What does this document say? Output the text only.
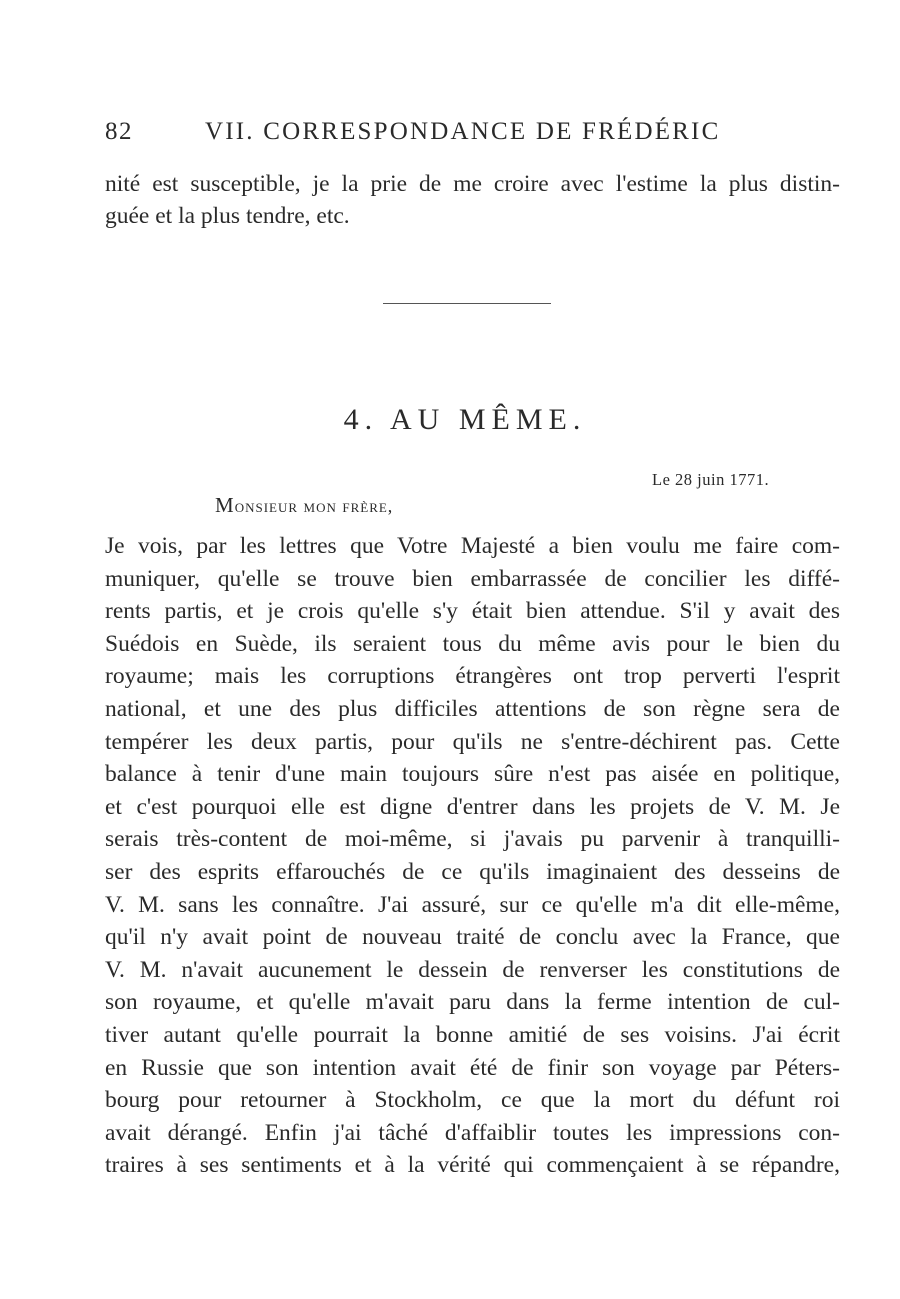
82	VII. CORRESPONDANCE DE FRÉDÉRIC
nité est susceptible, je la prie de me croire avec l'estime la plus distin-
guée et la plus tendre, etc.
4. AU MÊME.
Le 28 juin 1771.
Monsieur mon frère,
Je vois, par les lettres que Votre Majesté a bien voulu me faire com-
muniquer, qu'elle se trouve bien embarrassée de concilier les diffé-
rents partis, et je crois qu'elle s'y était bien attendue. S'il y avait des
Suédois en Suède, ils seraient tous du même avis pour le bien du
royaume; mais les corruptions étrangères ont trop perverti l'esprit
national, et une des plus difficiles attentions de son règne sera de
tempérer les deux partis, pour qu'ils ne s'entre-déchirent pas. Cette
balance à tenir d'une main toujours sûre n'est pas aisée en politique,
et c'est pourquoi elle est digne d'entrer dans les projets de V. M. Je
serais très-content de moi-même, si j'avais pu parvenir à tranquilli-
ser des esprits effarouchés de ce qu'ils imaginaient des desseins de
V. M. sans les connaître. J'ai assuré, sur ce qu'elle m'a dit elle-même,
qu'il n'y avait point de nouveau traité de conclu avec la France, que
V. M. n'avait aucunement le dessein de renverser les constitutions de
son royaume, et qu'elle m'avait paru dans la ferme intention de cul-
tiver autant qu'elle pourrait la bonne amitié de ses voisins. J'ai écrit
en Russie que son intention avait été de finir son voyage par Péters-
bourg pour retourner à Stockholm, ce que la mort du défunt roi
avait dérangé. Enfin j'ai tâché d'affaiblir toutes les impressions con-
traires à ses sentiments et à la vérité qui commençaient à se répandre,
